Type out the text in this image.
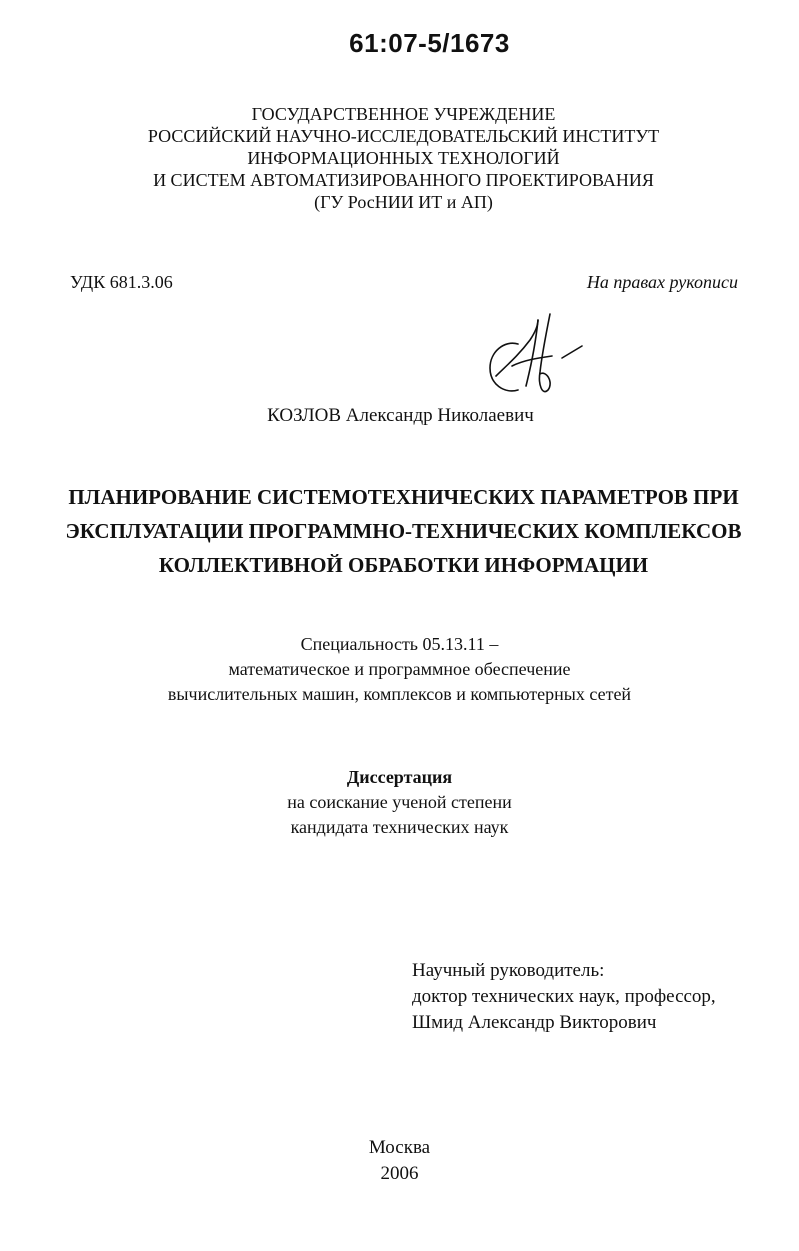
61:07-5/1673
ГОСУДАРСТВЕННОЕ УЧРЕЖДЕНИЕ
РОССИЙСКИЙ НАУЧНО-ИССЛЕДОВАТЕЛЬСКИЙ ИНСТИТУТ
ИНФОРМАЦИОННЫХ ТЕХНОЛОГИЙ
И СИСТЕМ АВТОМАТИЗИРОВАННОГО ПРОЕКТИРОВАНИЯ
(ГУ РосНИИ ИТ и АП)
УДК 681.3.06	На правах рукописи
КОЗЛОВ Александр Николаевич
ПЛАНИРОВАНИЕ СИСТЕМОТЕХНИЧЕСКИХ ПАРАМЕТРОВ ПРИ
ЭКСПЛУАТАЦИИ ПРОГРАММНО-ТЕХНИЧЕСКИХ КОМПЛЕКСОВ
КОЛЛЕКТИВНОЙ ОБРАБОТКИ ИНФОРМАЦИИ
Специальность 05.13.11 –
математическое и программное обеспечение
вычислительных машин, комплексов и компьютерных сетей
Диссертация
на соискание ученой степени
кандидата технических наук
Научный руководитель:
доктор технических наук, профессор,
Шмид Александр Викторович
Москва
2006
